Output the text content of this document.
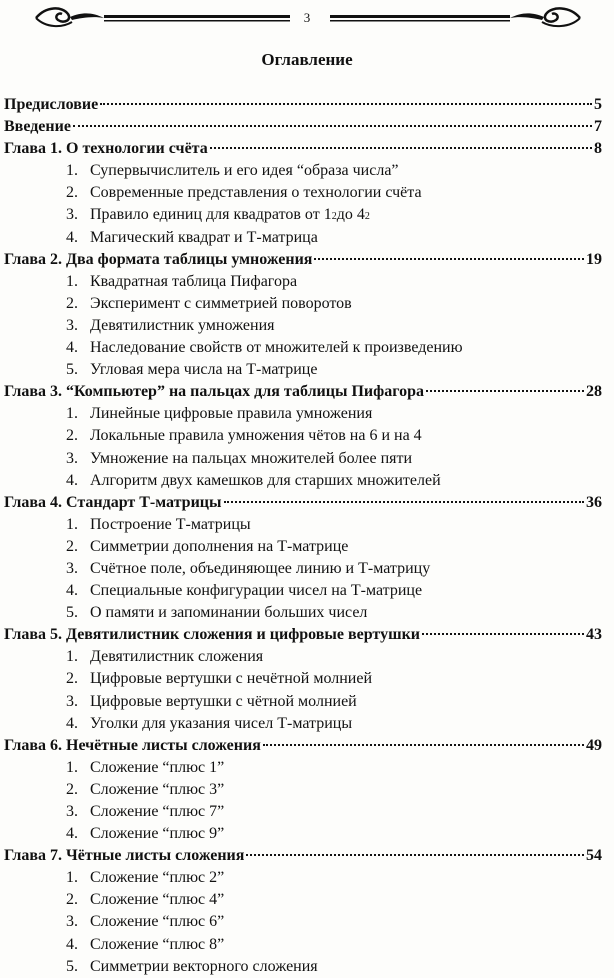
3
Оглавление
Предисловие	5
Введение	7
Глава 1. О технологии счёта	8
1. Супервычислитель и его идея “образа числа”
2. Современные представления о технологии счёта
3. Правило единиц для квадратов от 1 2 до 4 2
4. Магический квадрат и Т-матрица
Глава 2. Два формата таблицы умножения	19
1. Квадратная таблица Пифагора
2. Эксперимент с симметрией поворотов
3. Девятилистник умножения
4. Наследование свойств от множителей к произведению
5. Угловая мера числа на Т-матрице
Глава 3. “Компьютер” на пальцах для таблицы Пифагора	28
1. Линейные цифровые правила умножения
2. Локальные правила умножения чётов на 6 и на 4
3. Умножение на пальцах множителей более пяти
4. Алгоритм двух камешков для старших множителей
Глава 4. Стандарт Т-матрицы	36
1. Построение Т-матрицы
2. Симметрии дополнения на Т-матрице
3. Счётное поле, объединяющее линию и Т-матрицу
4. Специальные конфигурации чисел на Т-матрице
5. О памяти и запоминании больших чисел
Глава 5. Девятилистник сложения и цифровые вертушки	43
1. Девятилистник сложения
2. Цифровые вертушки с нечётной молнией
3. Цифровые вертушки с чётной молнией
4. Уголки для указания чисел Т-матрицы
Глава 6. Нечётные листы сложения	49
1. Сложение “плюс 1”
2. Сложение “плюс 3”
3. Сложение “плюс 7”
4. Сложение “плюс 9”
Глава 7. Чётные листы сложения	54
1. Сложение “плюс 2”
2. Сложение “плюс 4”
3. Сложение “плюс 6”
4. Сложение “плюс 8”
5. Симметрии векторного сложения
